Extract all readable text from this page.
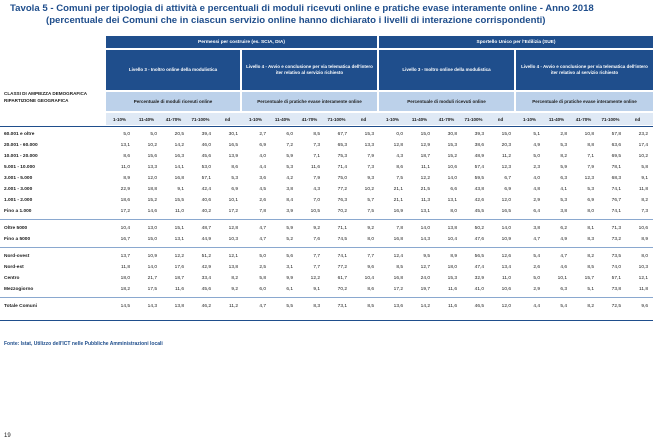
Tavola 5 - Comuni per tipologia di attività e percentuali di moduli ricevuti online e pratiche evase interamente online - Anno 2018
(percentuale dei Comuni che in ciascun servizio online hanno dichiarato i livelli di interazione corrispondenti)
CLASSI DI AMPIEZZA DEMOGRAFICA RIPARTIZIONE GEOGRAFICA
Permessi per costruire (es. SCIA, DIA)	Sportello Unico per l'Edilizia (SUE)
Livello 3 - Inoltro online della modulistica
Livello 4 - Avvio e conclusione per via telematica dell'intero iter relativo al servizio richiesto
Livello 3 - Inoltro online della modulistica
Livello 4 - Avvio e conclusione per via telematica dell'intero iter relativo al servizio richiesto
Percentuale di moduli ricevuti online	Percentuale di pratiche evase interamente online	Percentuale di moduli ricevuti online	Percentuale di pratiche evase interamente online
1-10%	11-40%	41-70%	71-100%	nd	1-10%	11-40%	41-70%	71-100%	nd	1-10%	11-40%	41-70%	71-100%	nd	1-10%	11-40%	41-70%	71-100%	nd
60.001 e oltre	5,0	5,0	20,5	39,4	30,1	2,7	6,0	8,5	67,7	15,3	0,0	15,0	30,8	39,3	15,0	5,1	2,8	10,8	57,8	23,2
20.001 - 60.000	13,1	10,2	14,2	46,0	16,5	6,9	7,2	7,3	65,3	13,3	12,8	12,9	15,3	38,6	20,3	4,9	5,3	8,8	63,6	17,4
10.001 - 20.000	8,6	15,6	16,3	45,6	13,9	4,0	5,9	7,1	75,3	7,9	4,3	18,7	15,2	48,9	11,2	5,0	8,2	7,1	69,5	10,2
5.001 - 10.000	11,0	13,3	14,1	53,0	8,6	4,4	5,3	11,6	71,4	7,3	8,6	11,1	10,6	57,4	12,3	2,3	5,9	7,9	78,1	5,8
3.001 - 5.000	8,9	12,0	16,8	57,1	5,3	3,6	4,2	7,9	75,0	9,3	7,5	12,2	14,0	59,5	6,7	4,0	6,3	12,3	68,3	9,1
2.001 - 3.000	22,9	18,8	9,1	42,4	6,9	4,5	3,8	4,3	77,2	10,2	21,1	21,5	6,6	43,8	6,9	4,8	4,1	5,3	74,1	11,8
1.001 - 2.000	18,6	15,2	15,5	40,6	10,1	2,6	8,4	7,0	76,3	5,7	21,1	11,3	13,1	42,6	12,0	2,9	5,3	6,9	76,7	8,2
Fino a 1.000	17,2	14,6	11,0	40,2	17,2	7,8	3,9	10,5	70,2	7,5	16,9	13,1	8,0	45,5	16,5	6,4	3,8	8,0	74,1	7,3
Oltre 5000	10,4	13,0	15,1	48,7	12,8	4,7	5,9	9,2	71,1	9,2	7,8	14,0	13,8	50,2	14,0	3,8	6,2	8,1	71,3	10,6
Fino a 5000	16,7	15,0	13,1	44,9	10,3	4,7	5,2	7,6	74,5	8,0	16,8	14,3	10,4	47,6	10,9	4,7	4,9	8,3	73,2	8,9
Nord-ovest	13,7	10,9	12,2	51,2	12,1	5,0	5,6	7,7	74,1	7,7	12,4	9,5	8,9	56,5	12,6	5,4	4,7	8,2	73,5	8,0
Nord-est	11,8	14,0	17,6	42,9	13,8	2,5	3,1	7,7	77,2	9,6	8,5	12,7	18,0	47,4	13,4	2,6	4,6	8,5	74,0	10,3
Centro	18,0	21,7	18,7	33,4	8,2	5,8	9,9	12,2	61,7	10,4	16,8	24,0	15,3	32,9	11,0	5,0	10,1	15,7	57,1	12,1
Mezzogiorno	18,2	17,5	11,6	45,6	9,2	6,0	6,1	9,1	70,2	8,6	17,2	19,7	11,6	41,0	10,6	2,9	6,3	5,1	73,8	11,8
Totale Comuni	14,5	14,3	13,8	46,2	11,2	4,7	5,5	8,3	73,1	8,5	13,6	14,2	11,6	46,5	12,0	4,4	5,4	8,2	72,5	9,6
Fonte: Istat, Utilizzo dell'ICT nelle Pubbliche Amministrazioni locali
19
